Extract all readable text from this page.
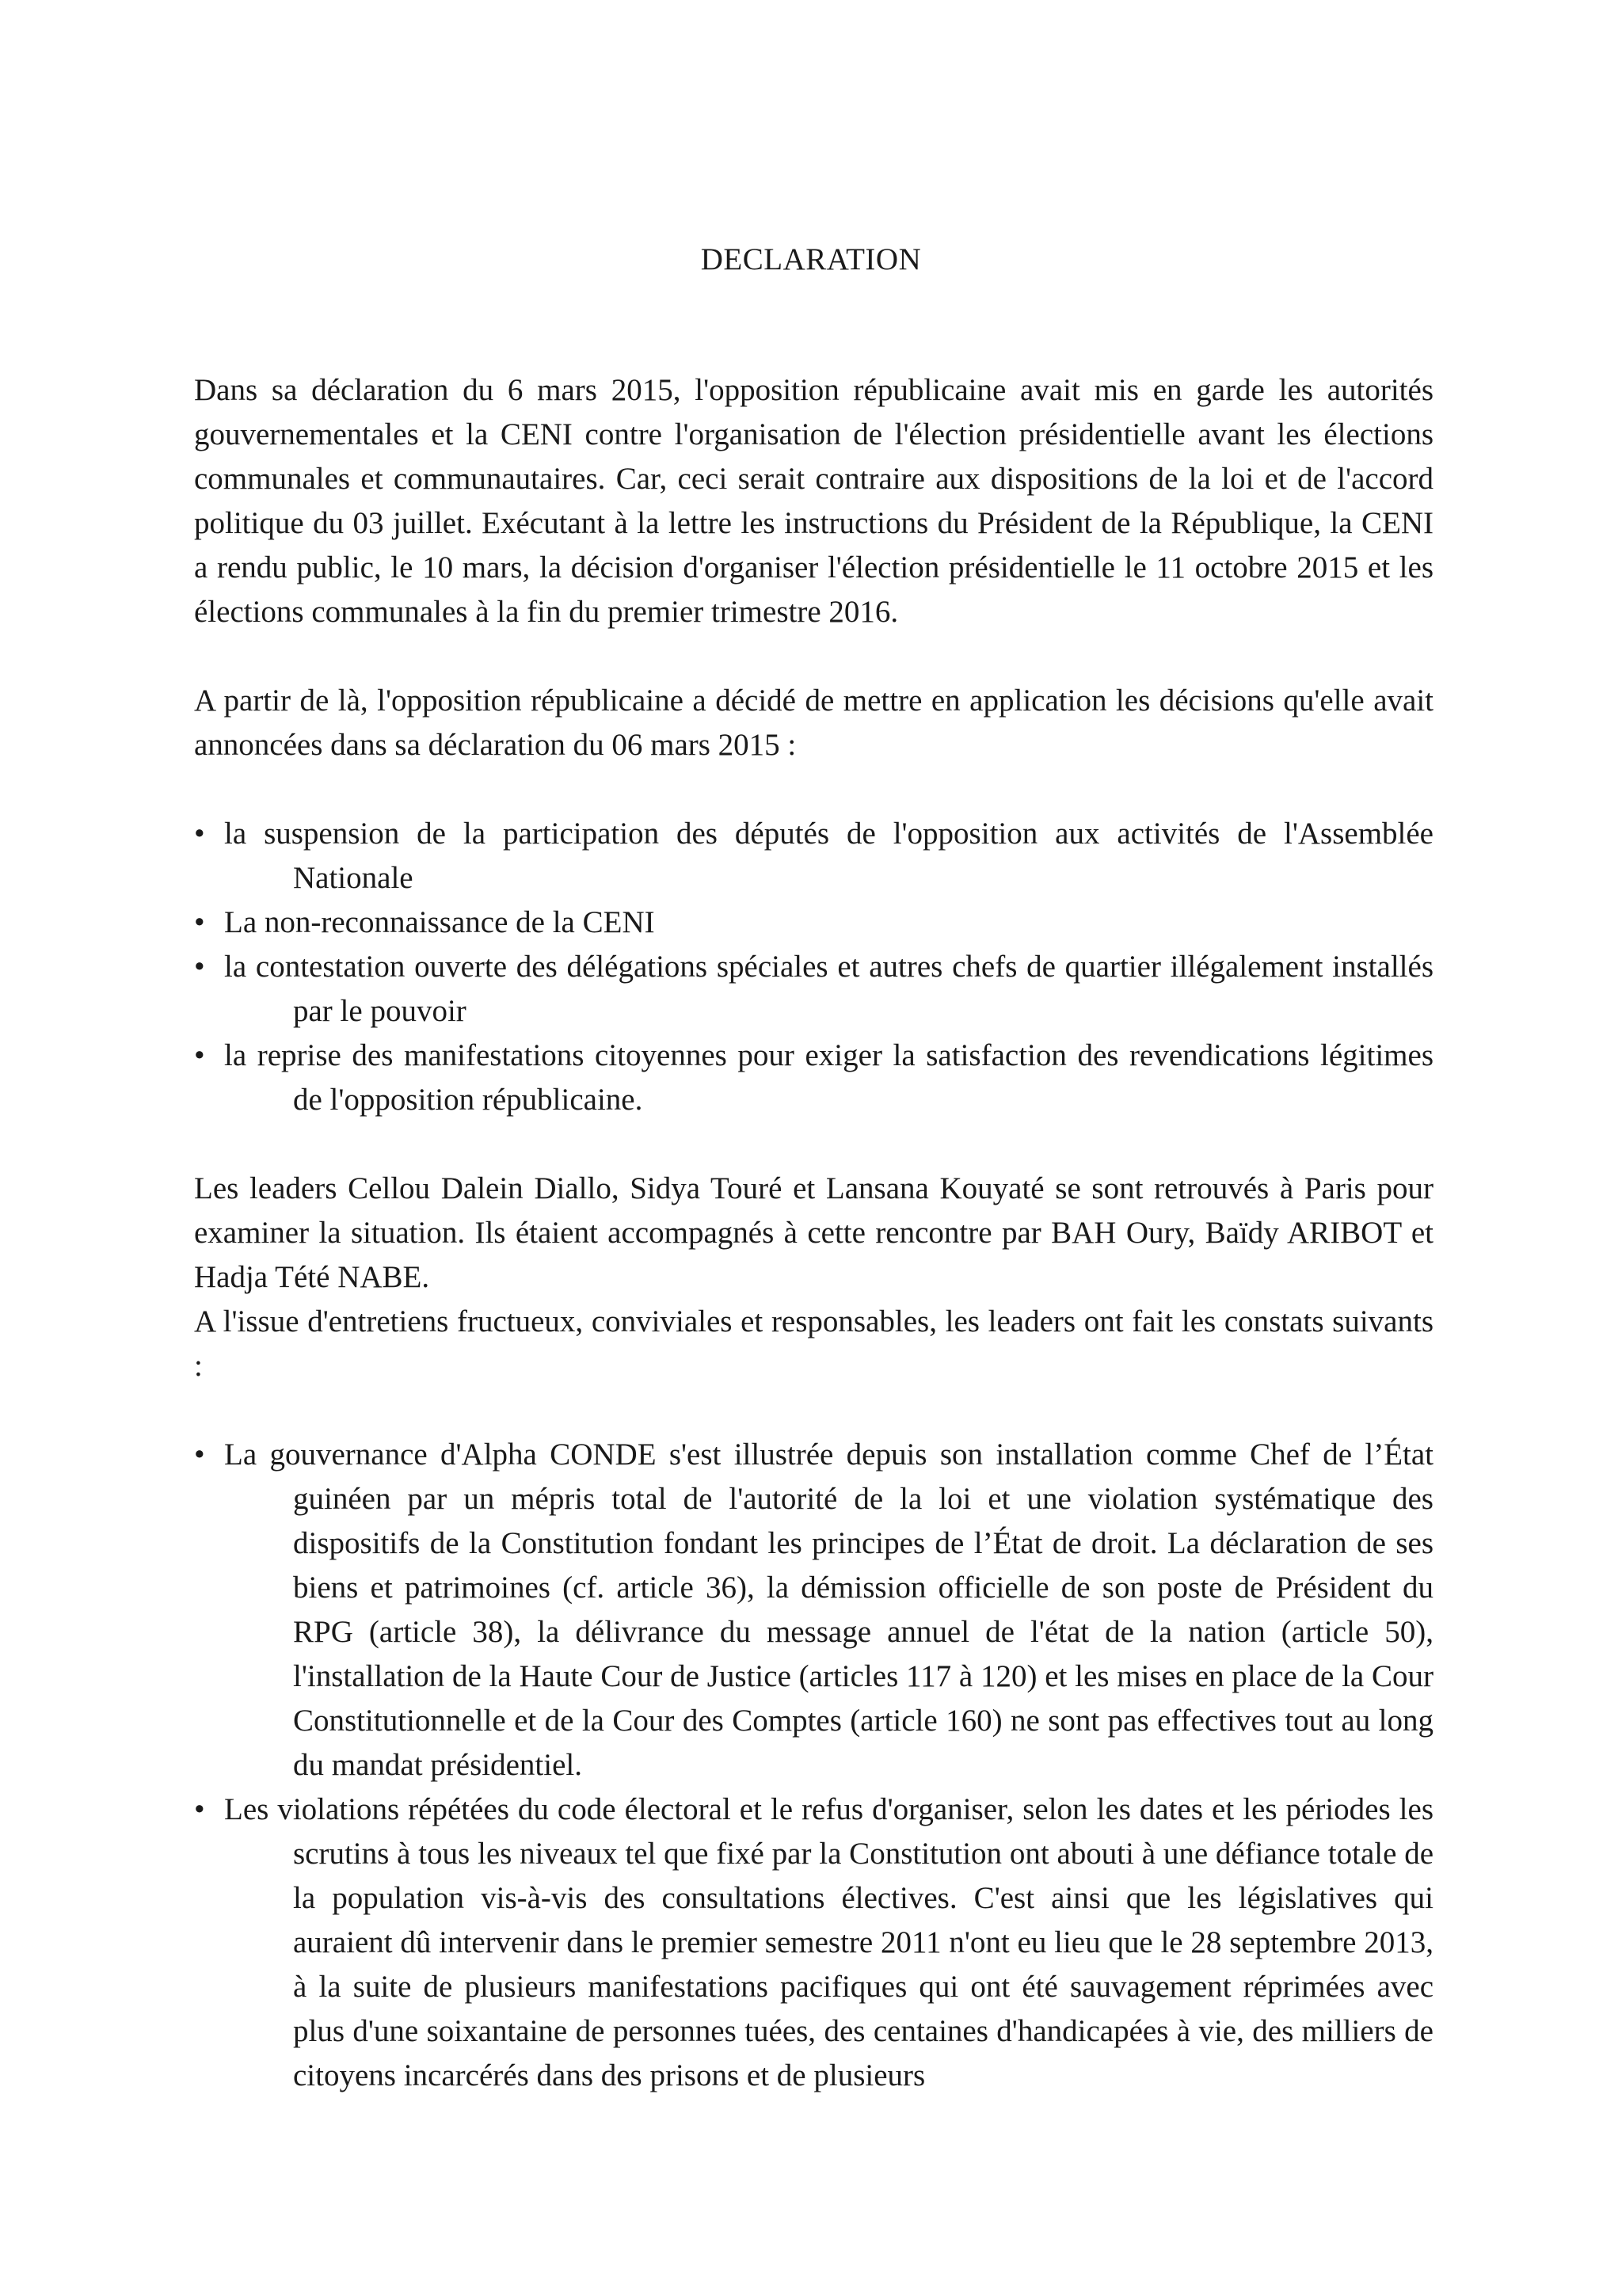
DECLARATION

Dans sa déclaration du 6 mars 2015, l'opposition républicaine avait mis en garde les autorités gouvernementales et la CENI contre l'organisation de l'élection présidentielle avant les élections communales et communautaires. Car, ceci serait contraire aux dispositions de la loi et de l'accord politique du 03 juillet. Exécutant à la lettre les instructions du Président de la République, la CENI a rendu public, le 10 mars, la décision d'organiser l'élection présidentielle le 11 octobre 2015 et les élections communales à la fin du premier trimestre 2016.

A partir de là, l'opposition républicaine a décidé de mettre en application les décisions qu'elle avait annoncées dans sa déclaration du 06 mars 2015 :

• la suspension de la participation des députés de l'opposition aux activités de l'Assemblée Nationale
• La non-reconnaissance de la CENI
• la contestation ouverte des délégations spéciales et autres chefs de quartier illégalement installés par le pouvoir
• la reprise des manifestations citoyennes pour exiger la satisfaction des revendications légitimes de l'opposition républicaine.

Les leaders Cellou Dalein Diallo, Sidya Touré et Lansana Kouyaté se sont retrouvés à Paris pour examiner la situation. Ils étaient accompagnés à cette rencontre par BAH Oury, Baïdy ARIBOT et Hadja Tété NABE.

A l'issue d'entretiens fructueux, conviviales et responsables, les leaders ont fait les constats suivants :

• La gouvernance d'Alpha CONDE s'est illustrée depuis son installation comme Chef de l’État guinéen par un mépris total de l'autorité de la loi et une violation systématique des dispositifs de la Constitution fondant les principes de l’État de droit. La déclaration de ses biens et patrimoines (cf. article 36), la démission officielle de son poste de Président du RPG (article 38), la délivrance du message annuel de l'état de la nation (article 50), l'installation de la Haute Cour de Justice (articles 117 à 120) et les mises en place de la Cour Constitutionnelle et de la Cour des Comptes (article 160) ne sont pas effectives tout au long du mandat présidentiel.
• Les violations répétées du code électoral et le refus d'organiser, selon les dates et les périodes les scrutins à tous les niveaux tel que fixé par la Constitution ont abouti à une défiance totale de la population vis-à-vis des consultations électives. C'est ainsi que les législatives qui auraient dû intervenir dans le premier semestre 2011 n'ont eu lieu que le 28 septembre 2013, à la suite de plusieurs manifestations pacifiques qui ont été sauvagement réprimées avec plus d'une soixantaine de personnes tuées, des centaines d'handicapées à vie, des milliers de citoyens incarcérés dans des prisons et de plusieurs
